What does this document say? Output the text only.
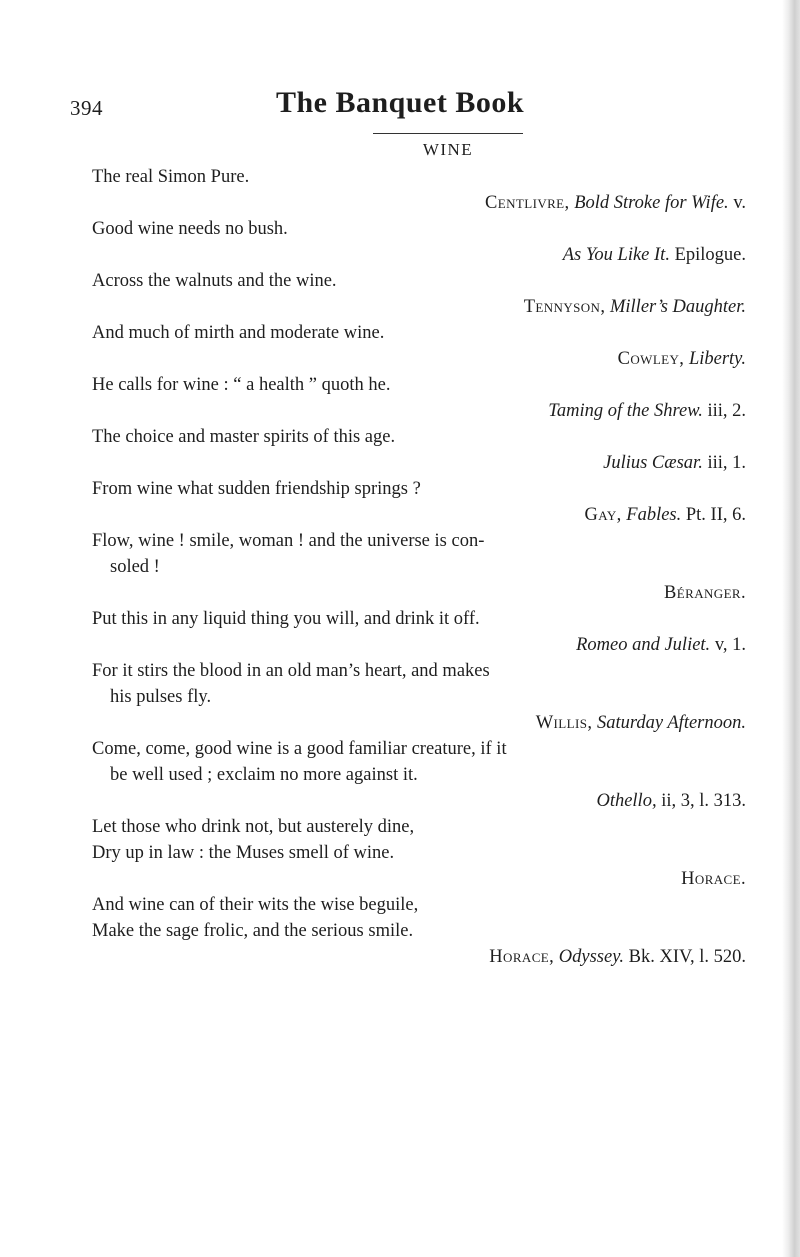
394	The Banquet Book
WINE
The real Simon Pure.
Centlivre, Bold Stroke for Wife. v.
Good wine needs no bush.
As You Like It. Epilogue.
Across the walnuts and the wine.
Tennyson, Miller’s Daughter.
And much of mirth and moderate wine.
Cowley, Liberty.
He calls for wine : “ a health ” quoth he.
Taming of the Shrew. iii, 2.
The choice and master spirits of this age.
Julius Cæsar. iii, 1.
From wine what sudden friendship springs ?
Gay, Fables. Pt. II, 6.
Flow, wine ! smile, woman ! and the universe is con-
soled !
Béranger.
Put this in any liquid thing you will, and drink it off.
Romeo and Juliet. v, 1.
For it stirs the blood in an old man’s heart, and makes
his pulses fly.
Willis, Saturday Afternoon.
Come, come, good wine is a good familiar creature, if it
be well used ; exclaim no more against it.
Othello, ii, 3, l. 313.
Let those who drink not, but austerely dine,
Dry up in law : the Muses smell of wine.
Horace.
And wine can of their wits the wise beguile,
Make the sage frolic, and the serious smile.
Horace, Odyssey. Bk. XIV, l. 520.
